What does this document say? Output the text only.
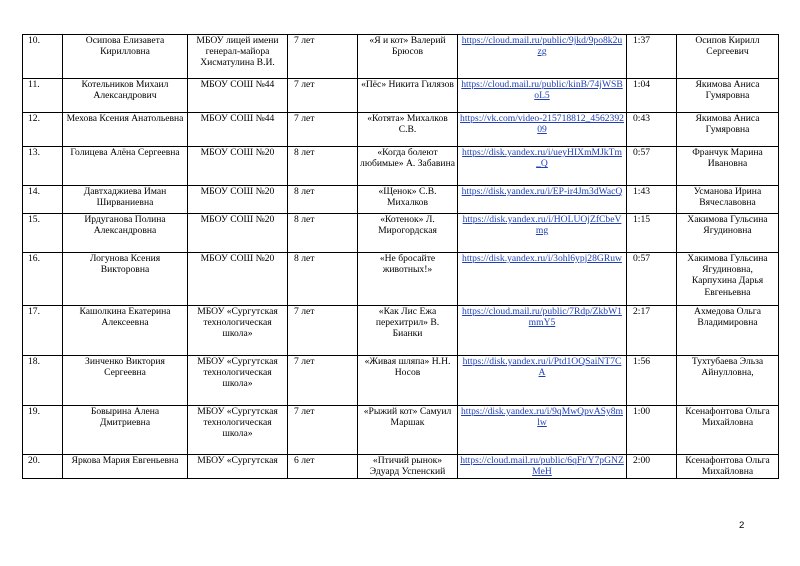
10.	Осипова Елизавета Кирилловна	МБОУ лицей имени генерал-майора Хисматулина В.И.	7 лет	«Я и кот» Валерий Брюсов	https://cloud.mail.ru/public/9jkd/9po8k2uzg	1:37	Осипов Кирилл Сергеевич
11.	Котельников Михаил Александрович	МБОУ СОШ №44	7 лет	«Пёс» Никита Гилязов	https://cloud.mail.ru/public/kinB/74jWSBoL5	1:04	Якимова Аниса Гумяровна
12.	Мехова Ксения Анатольевна	МБОУ СОШ №44	7 лет	«Котята» Михалков С.В.	https://vk.com/video-215718812_456239209	0:43	Якимова Аниса Гумяровна
13.	Голицева Алёна Сергеевна	МБОУ СОШ №20	8 лет	«Когда болеют любимые» А. Забавина	https://disk.yandex.ru/i/ueyHIXmMJkTm_Q	0:57	Франчук Марина Ивановна
14.	Давтхаджиева Иман Ширваниевна	МБОУ СОШ №20	8 лет	«Щенок» С.В. Михалков	https://disk.yandex.ru/i/EP-ir4Jm3dWacQ	1:43	Усманова Ирина Вячеславовна
15.	Ирдуганова Полина Александровна	МБОУ СОШ №20	8 лет	«Котенок» Л. Мирогордская	https://disk.yandex.ru/i/HOLUOjZfCbeVmg	1:15	Хакимова Гульсина Ягудиновна
16.	Логунова Ксения Викторовна	МБОУ СОШ №20	8 лет	«Не бросайте животных!»	https://disk.yandex.ru/i/3ohl6ypj28GRuw	0:57	Хакимова Гульсина Ягудиновна, Карпухина Дарья Евгеньевна
17.	Кашолкина Екатерина Алексеевна	МБОУ «Сургутская технологическая школа»	7 лет	«Как Лис Ежа перехитрил» В. Бианки	https://cloud.mail.ru/public/7Rdp/ZkbW1mmY5	2:17	Ахмедова Ольга Владимировна
18.	Зинченко Виктория Сергеевна	МБОУ «Сургутская технологическая школа»	7 лет	«Живая шляпа» Н.Н. Носов	https://disk.yandex.ru/i/Ptd1OQSaiNT7CA	1:56	Тухтубаева Эльза Айнулловна,
19.	Бовырина Алена Дмитриевна	МБОУ «Сургутская технологическая школа»	7 лет	«Рыжий кот» Самуил Маршак	https://disk.yandex.ru/i/9qMwQpvASy8mlw	1:00	Ксенафонтова Ольга Михайловна
20.	Яркова Мария Евгеньевна	МБОУ «Сургутская	6 лет	«Птичий рынок» Эдуард Успенский	https://cloud.mail.ru/public/6qFt/Y7pGNZMeH	2:00	Ксенафонтова Ольга Михайловна
2
